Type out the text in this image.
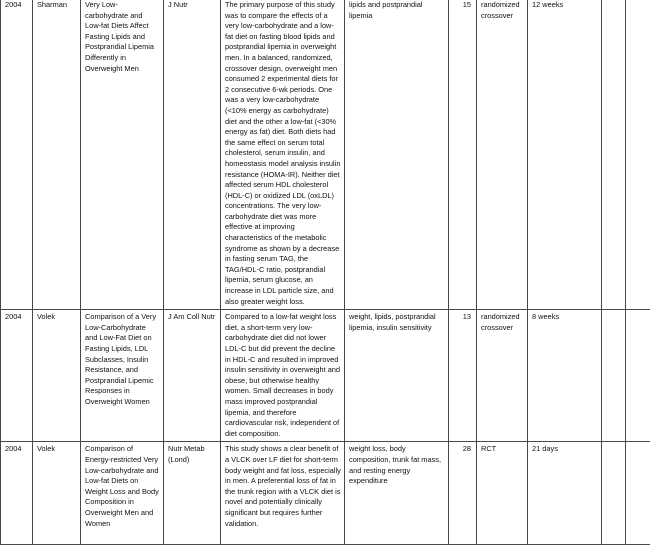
2004	Sharman	Very Low-carbohydrate and Low-fat Diets Affect Fasting Lipids and Postprandial Lipemia Differently in Overweight Men	J Nutr	The primary purpose of this study was to compare the effects of a very low-carbohydrate and a low-fat diet on fasting blood lipids and postprandial lipemia in overweight men. In a balanced, randomized, crossover design, overweight men consumed 2 experimental diets for 2 consecutive 6-wk periods. One was a very low-carbohydrate (<10% energy as carbohydrate) diet and the other a low-fat (<30% energy as fat) diet. Both diets had the same effect on serum total cholesterol, serum insulin, and homeostasis model analysis insulin resistance (HOMA-IR). Neither diet affected serum HDL cholesterol (HDL-C) or oxidized LDL (oxLDL) concentrations. The very low-carbohydrate diet was more effective at improving characteristics of the metabolic syndrome as shown by a decrease in fasting serum TAG, the TAG/HDL-C ratio, postprandial lipemia, serum glucose, an increase in LDL particle size, and also greater weight loss.	lipids and postprandial lipemia	15	randomized crossover	12 weeks		
2004	Volek	Comparison of a Very Low-Carbohydrate and Low-Fat Diet on Fasting Lipids, LDL Subclasses, Insulin Resistance, and Postprandial Lipemic Responses in Overweight Women	J Am Coll Nutr	Compared to a low-fat weight loss diet, a short-term very low-carbohydrate diet did not lower LDL-C but did prevent the decline in HDL-C and resulted in improved insulin sensitivity in overweight and obese, but otherwise healthy women. Small decreases in body mass improved postprandial lipemia, and therefore cardiovascular risk, independent of diet composition.	weight, lipids, postprandial lipemia, insulin sensitivity	13	randomized crossover	8 weeks		
2004	Volek	Comparison of Energy-restricted Very Low-carbohydrate and Low-fat Diets on Weight Loss and Body Composition in Overweight Men and Women	Nutr Metab (Lond)	This study shows a clear benefit of a VLCK over LF diet for short-term body weight and fat loss, especially in men. A preferential loss of fat in the trunk region with a VLCK diet is novel and potentially clinically significant but requires further validation.	weight loss, body composition, trunk fat mass, and resting energy expenditure	28	RCT	21 days		
